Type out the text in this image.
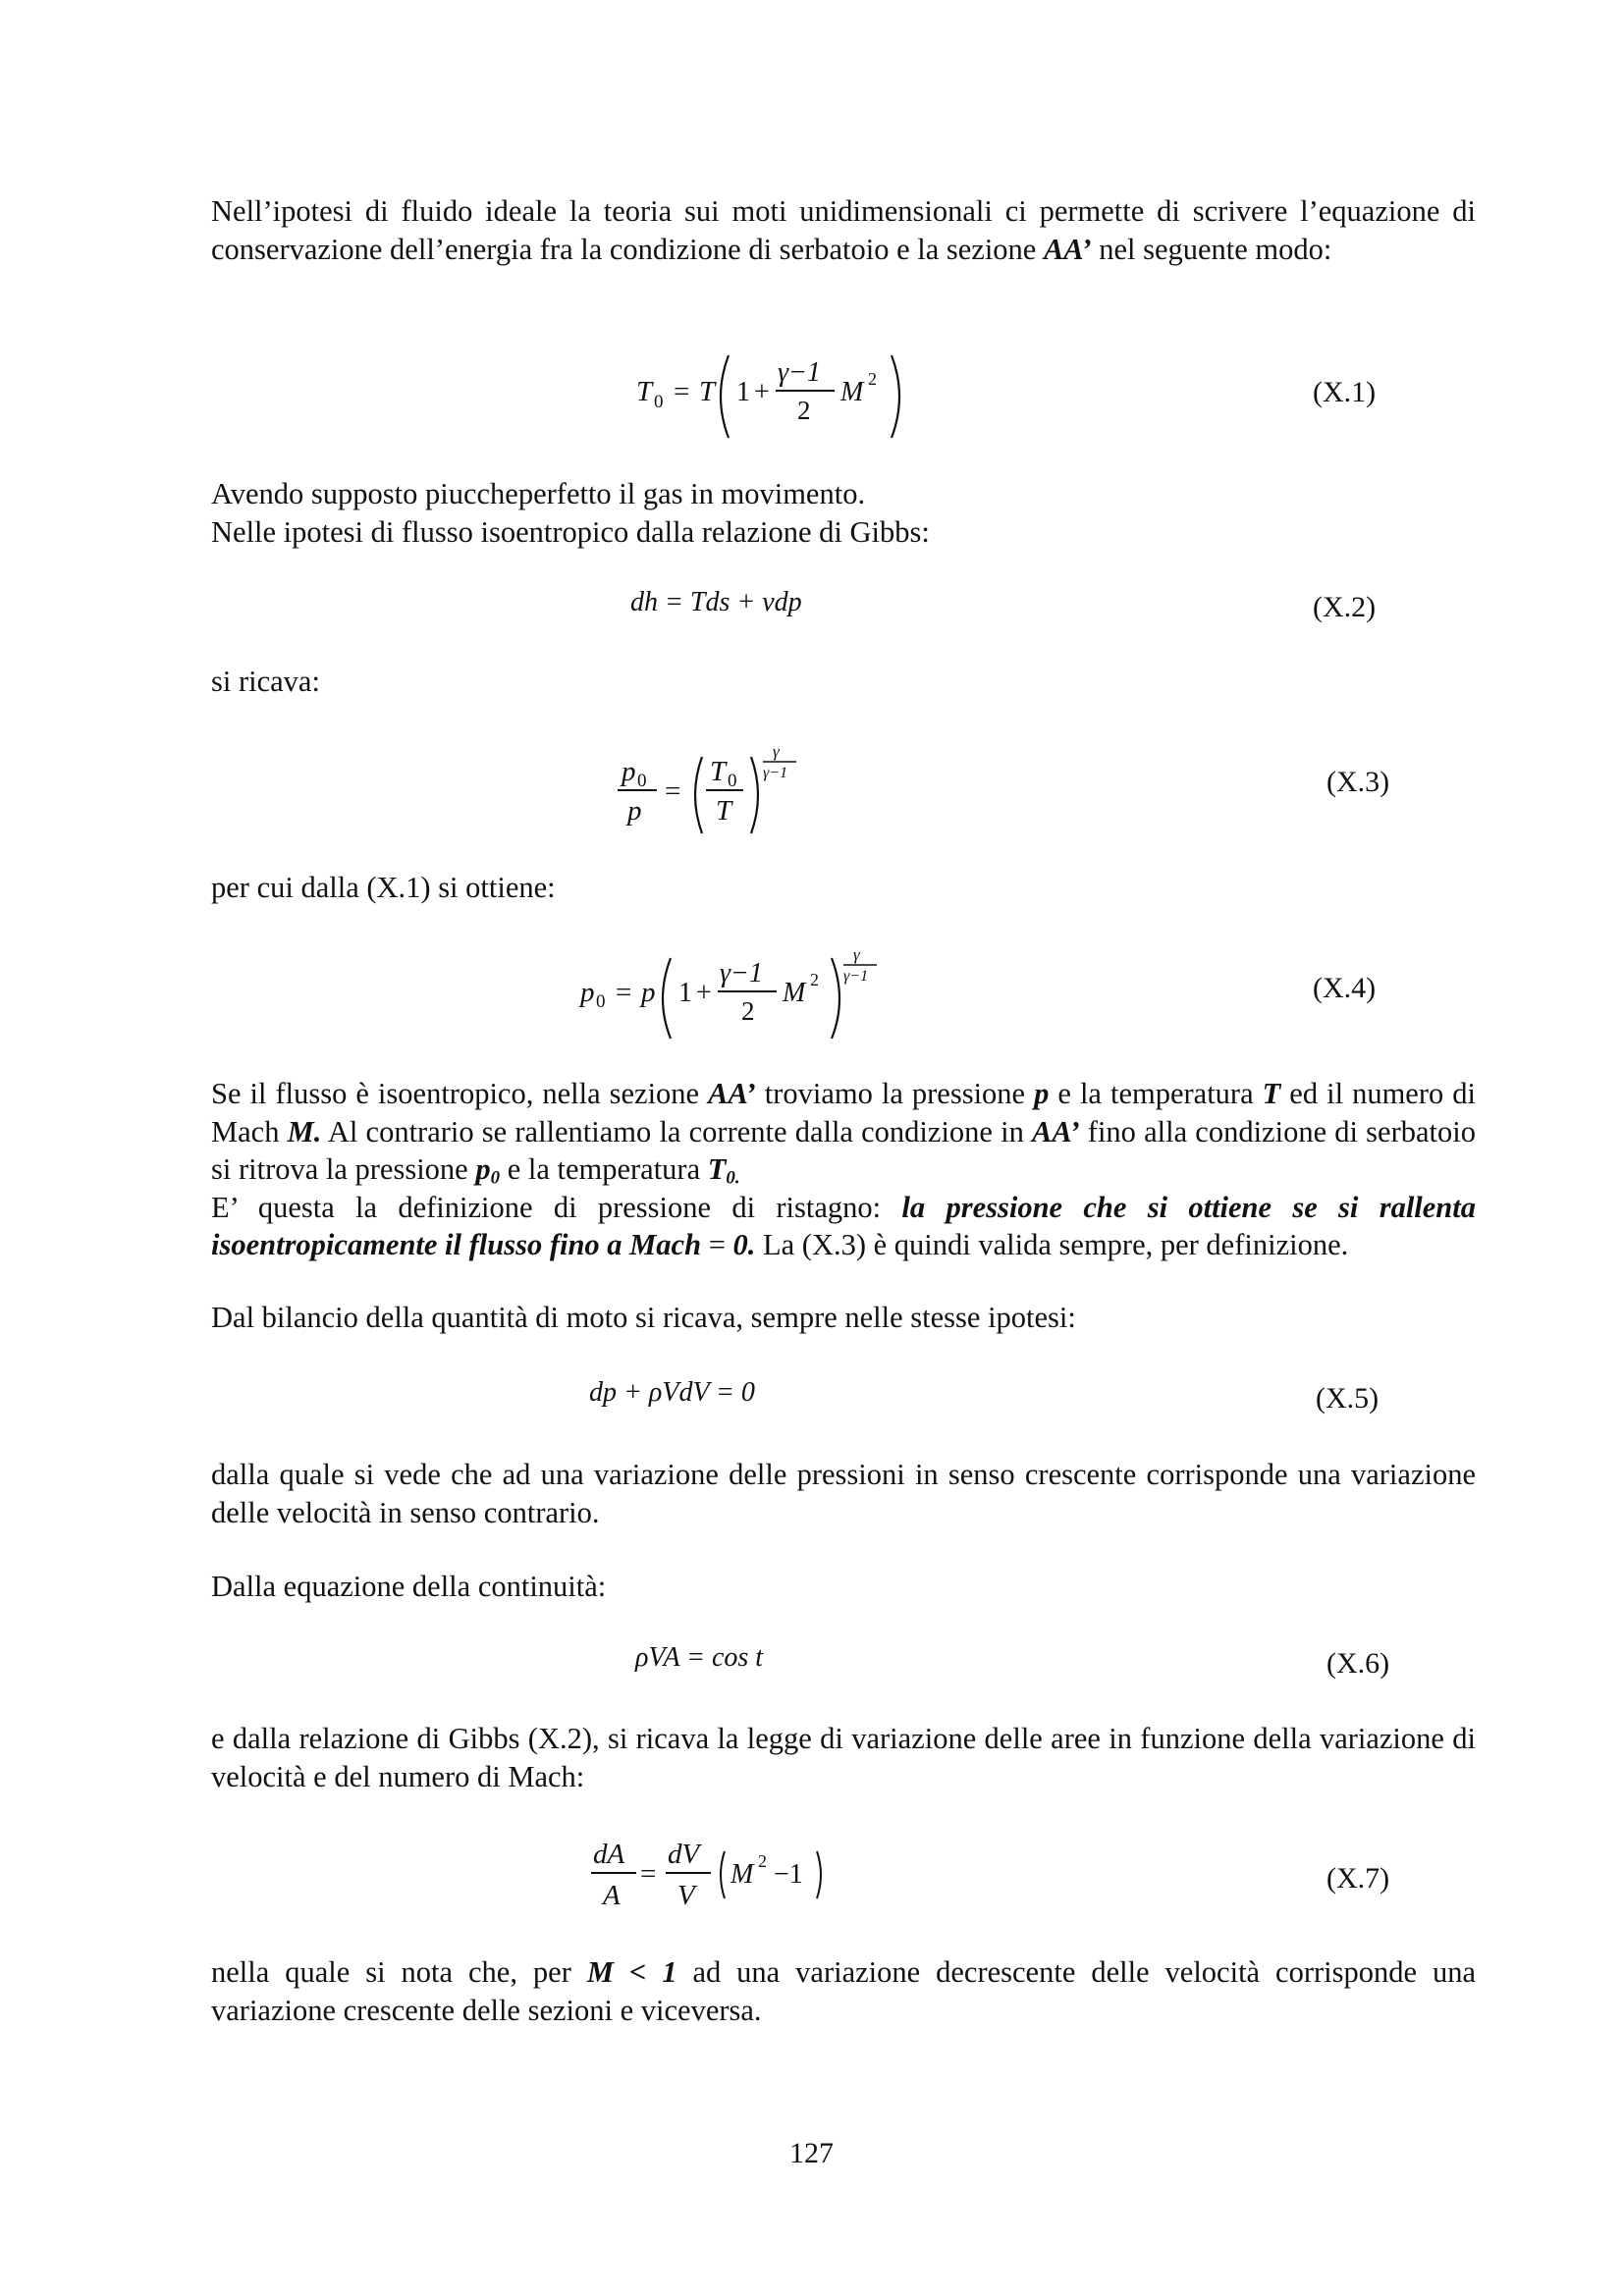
Nell’ipotesi di fluido ideale la teoria sui moti unidimensionali ci permette di scrivere l’equazione di conservazione dell’energia fra la condizione di serbatoio e la sezione AA’ nel seguente modo:

T 0 = T 1 +
γ−1
2
M 2	(X.1)

Avendo supposto piuccheperfetto il gas in movimento.
Nelle ipotesi di flusso isoentropico dalla relazione di Gibbs:

dh = Tds + vdp	(X.2)

si ricava:

p 0
p
=
T 0
T
γ
γ−1	(X.3)

per cui dalla (X.1) si ottiene:

p 0 = p 1 +
γ−1
2
M 2
γ
γ−1	(X.4)

Se il flusso è isoentropico, nella sezione AA’ troviamo la pressione p e la temperatura T ed il numero di Mach M. Al contrario se rallentiamo la corrente dalla condizione in AA’ fino alla condizione di serbatoio si ritrova la pressione $p_0$ e la temperatura $T_{0.}$
E’ questa la definizione di pressione di ristagno: la pressione che si ottiene se si rallenta isoentropicamente il flusso fino a Mach = 0. La (X.3) è quindi valida sempre, per definizione.

Dal bilancio della quantità di moto si ricava, sempre nelle stesse ipotesi:

dp + ρVdV = 0	(X.5)

dalla quale si vede che ad una variazione delle pressioni in senso crescente corrisponde una variazione delle velocità in senso contrario.

Dalla equazione della continuità:

ρVA = cos t	(X.6)

e dalla relazione di Gibbs (X.2), si ricava la legge di variazione delle aree in funzione della variazione di velocità e del numero di Mach:

dA
A
=
dV
V
M 2 −1	(X.7)

nella quale si nota che, per M < 1 ad una variazione decrescente delle velocità corrisponde una variazione crescente delle sezioni e viceversa.

127
